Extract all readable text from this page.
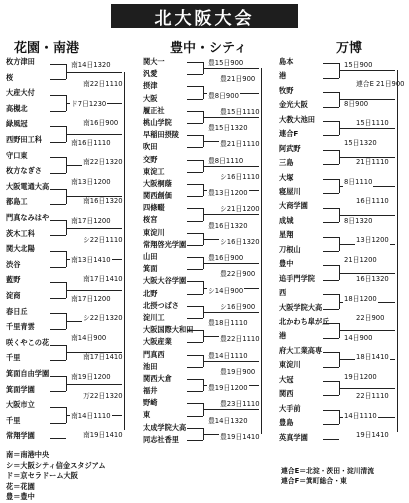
北大阪大会
花園・南港	豊中・シティ	万博
枚方津田
桜
大産大付
高槻北
緑風冠
西野田工科
守口東
枚方なぎさ
大阪電通大高
都島工
門真なみはや
茨木工科
関大北陽
渋谷
藍野
淀商
春日丘
千里青雲
咲くやこの花
千里
箕面自由学園
箕面学園
大阪市立
千里
常翔学園
南14日1320
南22日1110
ド7日1230
南16日900
南16日1110
南22日1320
南13日1200
南16日1320
南17日1200
シ22日1110
南13日1410
南17日1410
南17日1200
シ22日1320
南14日900
南17日1410
南19日1200
万22日1320
南14日1110
南19日1410
関大一
汎愛
摂津
大阪
履正社
桃山学院
早稲田摂陵
吹田
交野
東淀工
大阪桐蔭
関西創価
四條畷
桜宮
東淀川
常翔啓光学園
山田
箕面
大阪大谷学園
北野
北摂つばさ
淀川工
大阪国際大和田
大阪産業
門真西
池田
関西大倉
福井
野崎
東
太成学院大高
同志社香里
豊15日900
豊21日900
豊8日900
豊15日1110
豊15日1320
豊21日1110
豊8日1110
シ16日1110
豊13日1200
シ21日1200
豊16日1320
シ16日1320
豊16日900
豊22日900
シ14日900
シ16日900
豊18日1110
豊22日1110
豊14日1110
豊19日900
豊19日1200
豊23日1110
豊14日1320
豊19日1410
島本
港
牧野
金光大阪
大教大池田
連合F
阿武野
三島
大塚
寝屋川
大商学園
成城
星翔
刀根山
豊中
追手門学院
西
大阪学院大高
北かわち皐が丘
港
府大工業高専
東淀川
大冠
関西
大手前
豊島
英真学園
15日900
連合E 21日900
8日900
15日1110
15日1320
21日1110
8日1110
16日1110
8日1320
13日1200
21日1200
16日1320
18日1200
22日900
14日900
18日1410
19日1200
22日1110
14日1110
19日1410
南＝南港中央
シ＝大阪シティ信金スタジアム
ド＝京セラドーム大阪
花＝花園
豊＝豊中
連合E＝北淀・茨田・淀川清流
連合F＝箕町総合・東
